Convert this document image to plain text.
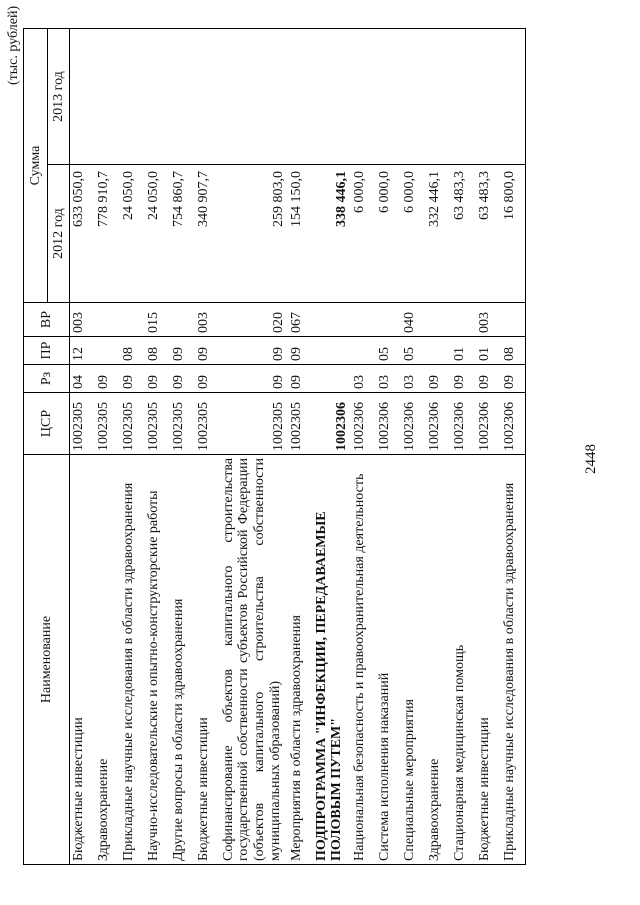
2448
(тыс. рублей)
Наименование	ЦСР	Рз	ПР	ВР	Сумма	
					2012 год	2013 год
Бюджетные инвестиции	1002305	04	12	003	633 050,0	
Здравоохранение	1002305	09			778 910,7	
Прикладные научные исследования в области здравоохранения	1002305	09	08		24 050,0	
Научно-исследовательские и опытно-конструкторские работы	1002305	09	08	015	24 050,0	
Другие вопросы в области здравоохранения	1002305	09	09		754 860,7	
Бюджетные инвестиции	1002305	09	09	003	340 907,7	
Софинансирование объектов капитального строительства государственной собственности субъектов Российской Федерации (объектов капитального строительства собственности муниципальных образований)	1002305	09	09	020	259 803,0	
Мероприятия в области здравоохранения	1002305	09	09	067	154 150,0	
ПОДПРОГРАММА "ИНФЕКЦИИ, ПЕРЕДАВАЕМЫЕ ПОЛОВЫМ ПУТЕМ"	1002306				338 446,1	
Национальная безопасность и правоохранительная деятельность	1002306	03			6 000,0	
Система исполнения наказаний	1002306	03	05		6 000,0	
Специальные мероприятия	1002306	03	05	040	6 000,0	
Здравоохранение	1002306	09			332 446,1	
Стационарная медицинская помощь	1002306	09	01		63 483,3	
Бюджетные инвестиции	1002306	09	01	003	63 483,3	
Прикладные научные исследования в области здравоохранения	1002306	09	08		16 800,0	
